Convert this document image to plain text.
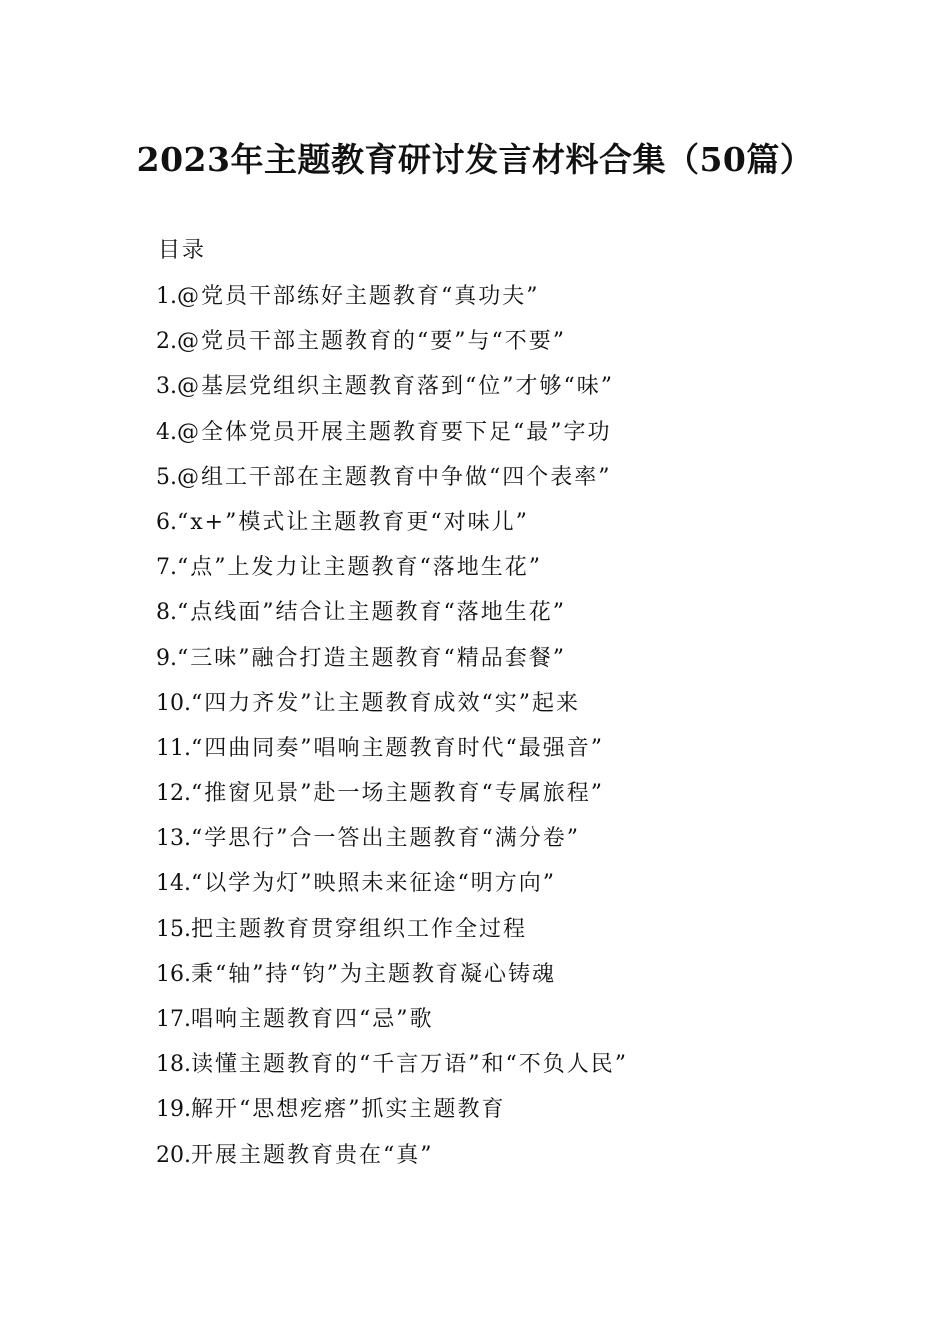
2023年主题教育研讨发言材料合集（50篇）
目录
1.@党员干部练好主题教育“真功夫”
2.@党员干部主题教育的“要”与“不要”
3.@基层党组织主题教育落到“位”才够“味”
4.@全体党员开展主题教育要下足“最”字功
5.@组工干部在主题教育中争做“四个表率”
6.“x+”模式让主题教育更“对味儿”
7.“点”上发力让主题教育“落地生花”
8.“点线面”结合让主题教育“落地生花”
9.“三味”融合打造主题教育“精品套餐”
10.“四力齐发”让主题教育成效“实”起来
11.“四曲同奏”唱响主题教育时代“最强音”
12.“推窗见景”赴一场主题教育“专属旅程”
13.“学思行”合一答出主题教育“满分卷”
14.“以学为灯”映照未来征途“明方向”
15.把主题教育贯穿组织工作全过程
16.秉“轴”持“钧”为主题教育凝心铸魂
17.唱响主题教育四“忌”歌
18.读懂主题教育的“千言万语”和“不负人民”
19.解开“思想疙瘩”抓实主题教育
20.开展主题教育贵在“真”
